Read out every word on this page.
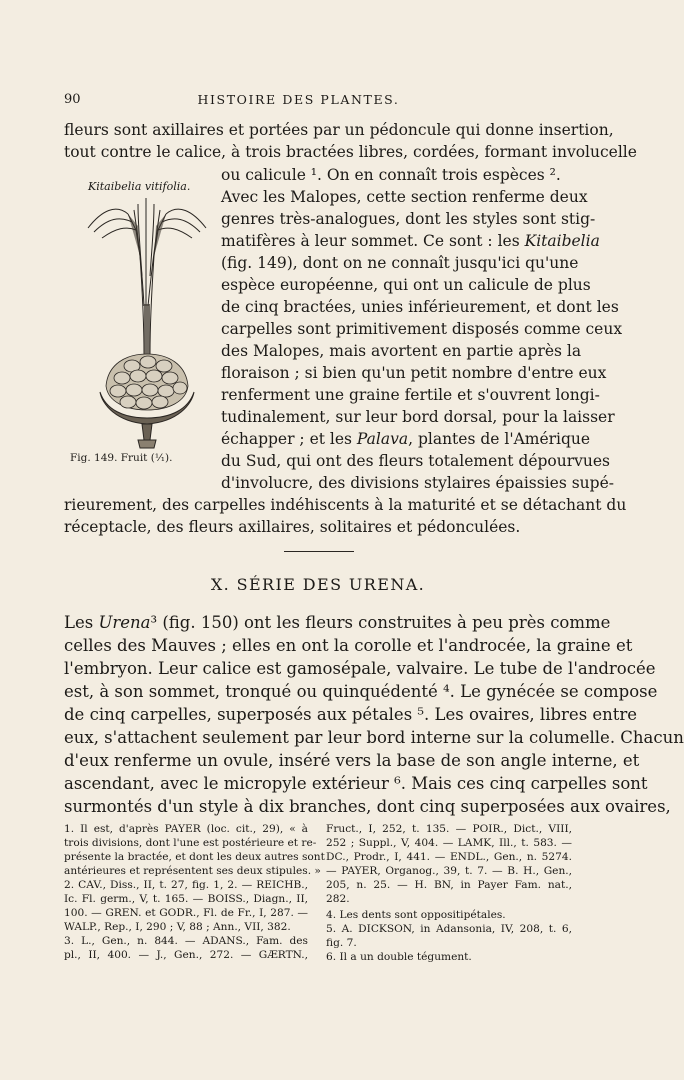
90	HISTOIRE DES PLANTES.
fleurs sont axillaires et portées par un pédoncule qui donne insertion,
tout contre le calice, à trois bractées libres, cordées, formant involucelle
ou calicule ¹. On en connaît trois espèces ².
Kitaibelia vitifolia.
Fig. 149. Fruit (¹⁄₁).
Avec les Malopes, cette section renferme deux
genres très-analogues, dont les styles sont stig-
matifères à leur sommet. Ce sont : les Kitaibelia
(fig. 149), dont on ne connaît jusqu'ici qu'une
espèce européenne, qui ont un calicule de plus
de cinq bractées, unies inférieurement, et dont les
carpelles sont primitivement disposés comme ceux
des Malopes, mais avortent en partie après la
floraison ; si bien qu'un petit nombre d'entre eux
renferment une graine fertile et s'ouvrent longi-
tudinalement, sur leur bord dorsal, pour la laisser
échapper ; et les Palava, plantes de l'Amérique
du Sud, qui ont des fleurs totalement dépourvues
d'involucre, des divisions stylaires épaissies supé-
rieurement, des carpelles indéhiscents à la maturité et se détachant du
réceptacle, des fleurs axillaires, solitaires et pédonculées.
X. SÉRIE DES URENA.
Les Urena³ (fig. 150) ont les fleurs construites à peu près comme
celles des Mauves ; elles en ont la corolle et l'androcée, la graine et
l'embryon. Leur calice est gamosépale, valvaire. Le tube de l'androcée
est, à son sommet, tronqué ou quinquédenté ⁴. Le gynécée se compose
de cinq carpelles, superposés aux pétales ⁵. Les ovaires, libres entre
eux, s'attachent seulement par leur bord interne sur la columelle. Chacun
d'eux renferme un ovule, inséré vers la base de son angle interne, et
ascendant, avec le micropyle extérieur ⁶. Mais ces cinq carpelles sont
surmontés d'un style à dix branches, dont cinq superposées aux ovaires,
1. Il est, d'après PAYER (loc. cit., 29), « à
trois divisions, dont l'une est postérieure et re-
présente la bractée, et dont les deux autres sont
antérieures et représentent ses deux stipules. »
2. CAV., Diss., II, t. 27, fig. 1, 2. — REICHB.,
Ic. Fl. germ., V, t. 165. — BOISS., Diagn., II,
100. — GREN. et GODR., Fl. de Fr., I, 287. —
WALP., Rep., I, 290 ; V, 88 ; Ann., VII, 382.
3. L., Gen., n. 844. — ADANS., Fam. des
pl., II, 400. — J., Gen., 272. — GÆRTN.,
Fruct., I, 252, t. 135. — POIR., Dict., VIII,
252 ; Suppl., V, 404. — LAMK, Ill., t. 583. —
DC., Prodr., I, 441. — ENDL., Gen., n. 5274.
— PAYER, Organog., 39, t. 7. — B. H., Gen.,
205, n. 25. — H. BN, in Payer Fam. nat.,
282.
4. Les dents sont oppositipétales.
5. A. DICKSON, in Adansonia, IV, 208, t. 6,
fig. 7.
6. Il a un double tégument.
